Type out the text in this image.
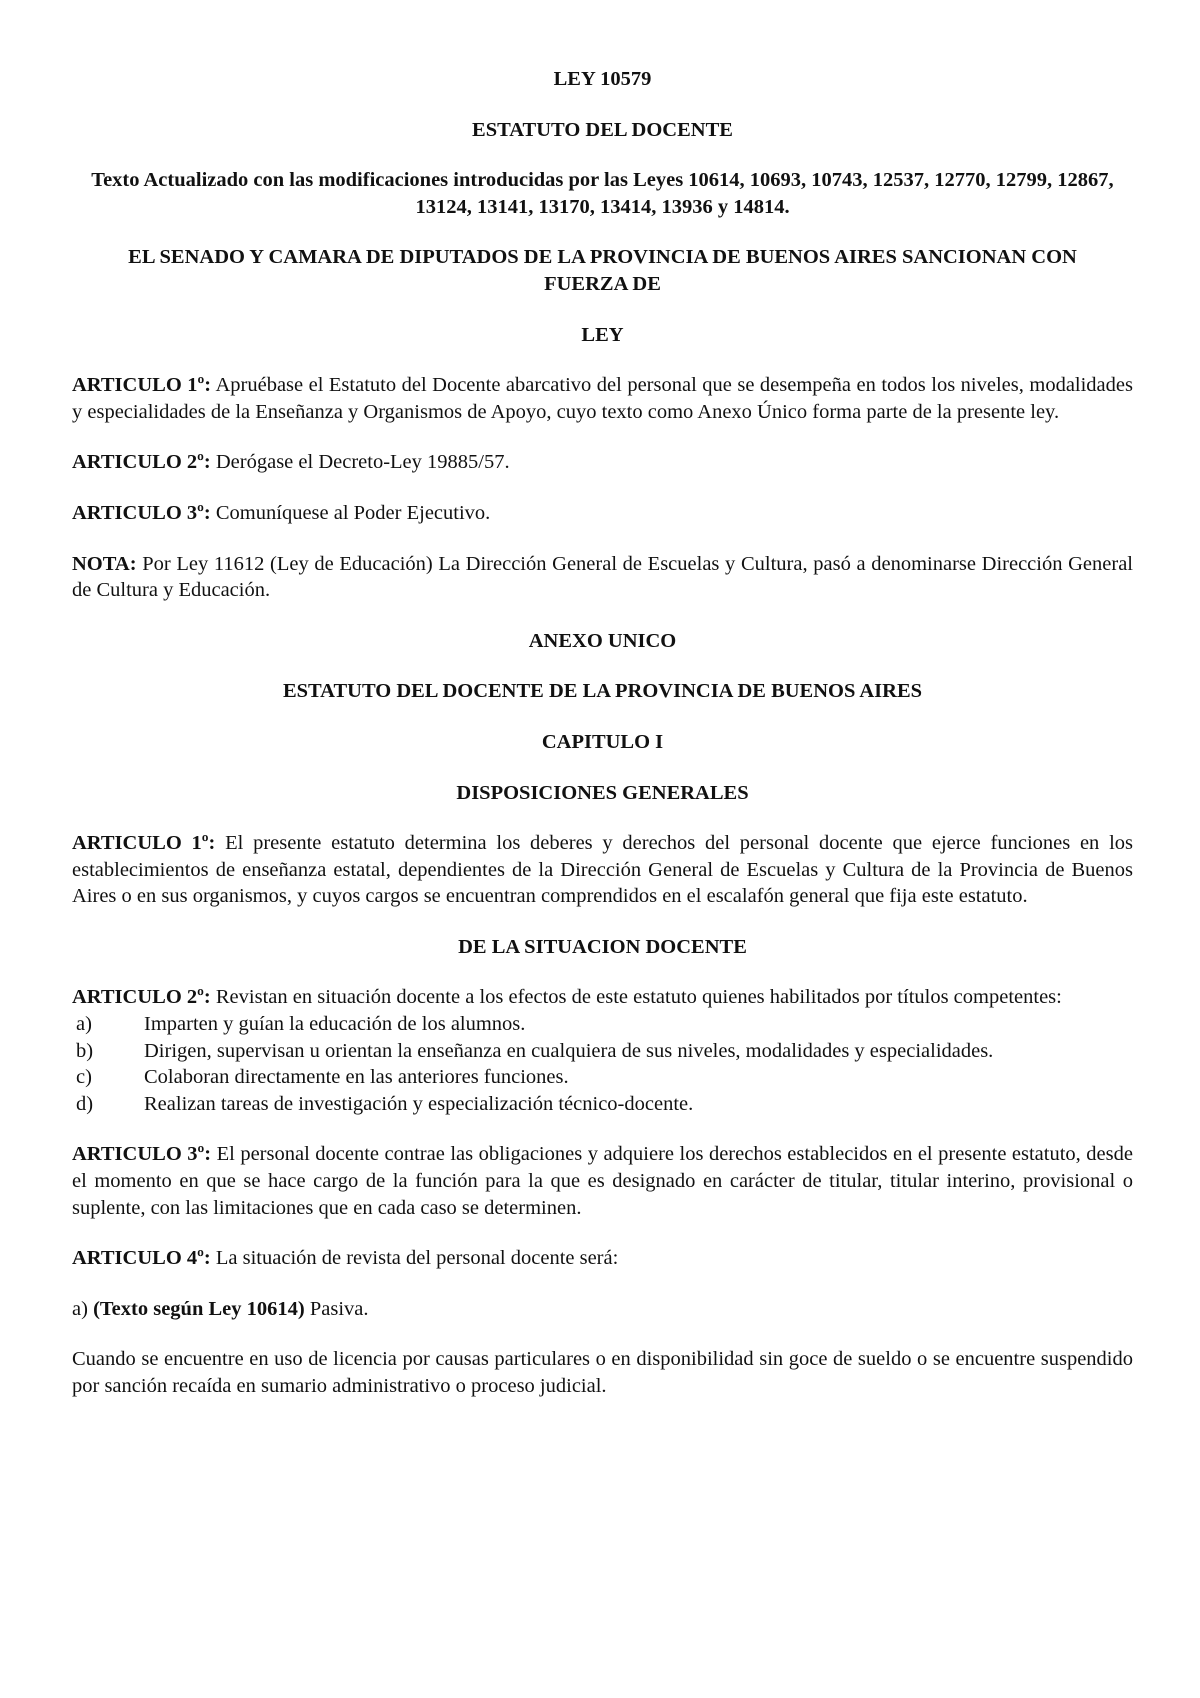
LEY 10579

ESTATUTO DEL DOCENTE

Texto Actualizado con las modificaciones introducidas por las Leyes 10614, 10693, 10743, 12537, 12770, 12799, 12867, 13124, 13141, 13170, 13414, 13936 y 14814.

EL SENADO Y CAMARA DE DIPUTADOS DE LA PROVINCIA DE BUENOS AIRES SANCIONAN CON FUERZA DE

LEY

ARTICULO 1º: Apruébase el Estatuto del Docente abarcativo del personal que se desempeña en todos los niveles, modalidades y especialidades de la Enseñanza y Organismos de Apoyo, cuyo texto como Anexo Único forma parte de la presente ley.

ARTICULO 2º: Derógase el Decreto-Ley 19885/57.

ARTICULO 3º: Comuníquese al Poder Ejecutivo.

NOTA: Por Ley 11612 (Ley de Educación) La Dirección General de Escuelas y Cultura, pasó a denominarse Dirección General de Cultura y Educación.

ANEXO UNICO

ESTATUTO DEL DOCENTE DE LA PROVINCIA DE BUENOS AIRES

CAPITULO I

DISPOSICIONES GENERALES

ARTICULO 1º: El presente estatuto determina los deberes y derechos del personal docente que ejerce funciones en los establecimientos de enseñanza estatal, dependientes de la Dirección General de Escuelas y Cultura de la Provincia de Buenos Aires o en sus organismos, y cuyos cargos se encuentran comprendidos en el escalafón general que fija este estatuto.

DE LA SITUACION DOCENTE

ARTICULO 2º: Revistan en situación docente a los efectos de este estatuto quienes habilitados por títulos competentes:

a)	Imparten y guían la educación de los alumnos.
b)	Dirigen, supervisan u orientan la enseñanza en cualquiera de sus niveles, modalidades y especialidades.
c)	Colaboran directamente en las anteriores funciones.
d)	Realizan tareas de investigación y especialización técnico-docente.

ARTICULO 3º: El personal docente contrae las obligaciones y adquiere los derechos establecidos en el presente estatuto, desde el momento en que se hace cargo de la función para la que es designado en carácter de titular, titular interino, provisional o suplente, con las limitaciones que en cada caso se determinen.

ARTICULO 4º: La situación de revista del personal docente será:

a) (Texto según Ley 10614) Pasiva.

Cuando se encuentre en uso de licencia por causas particulares o en disponibilidad sin goce de sueldo o se encuentre suspendido por sanción recaída en sumario administrativo o proceso judicial.
